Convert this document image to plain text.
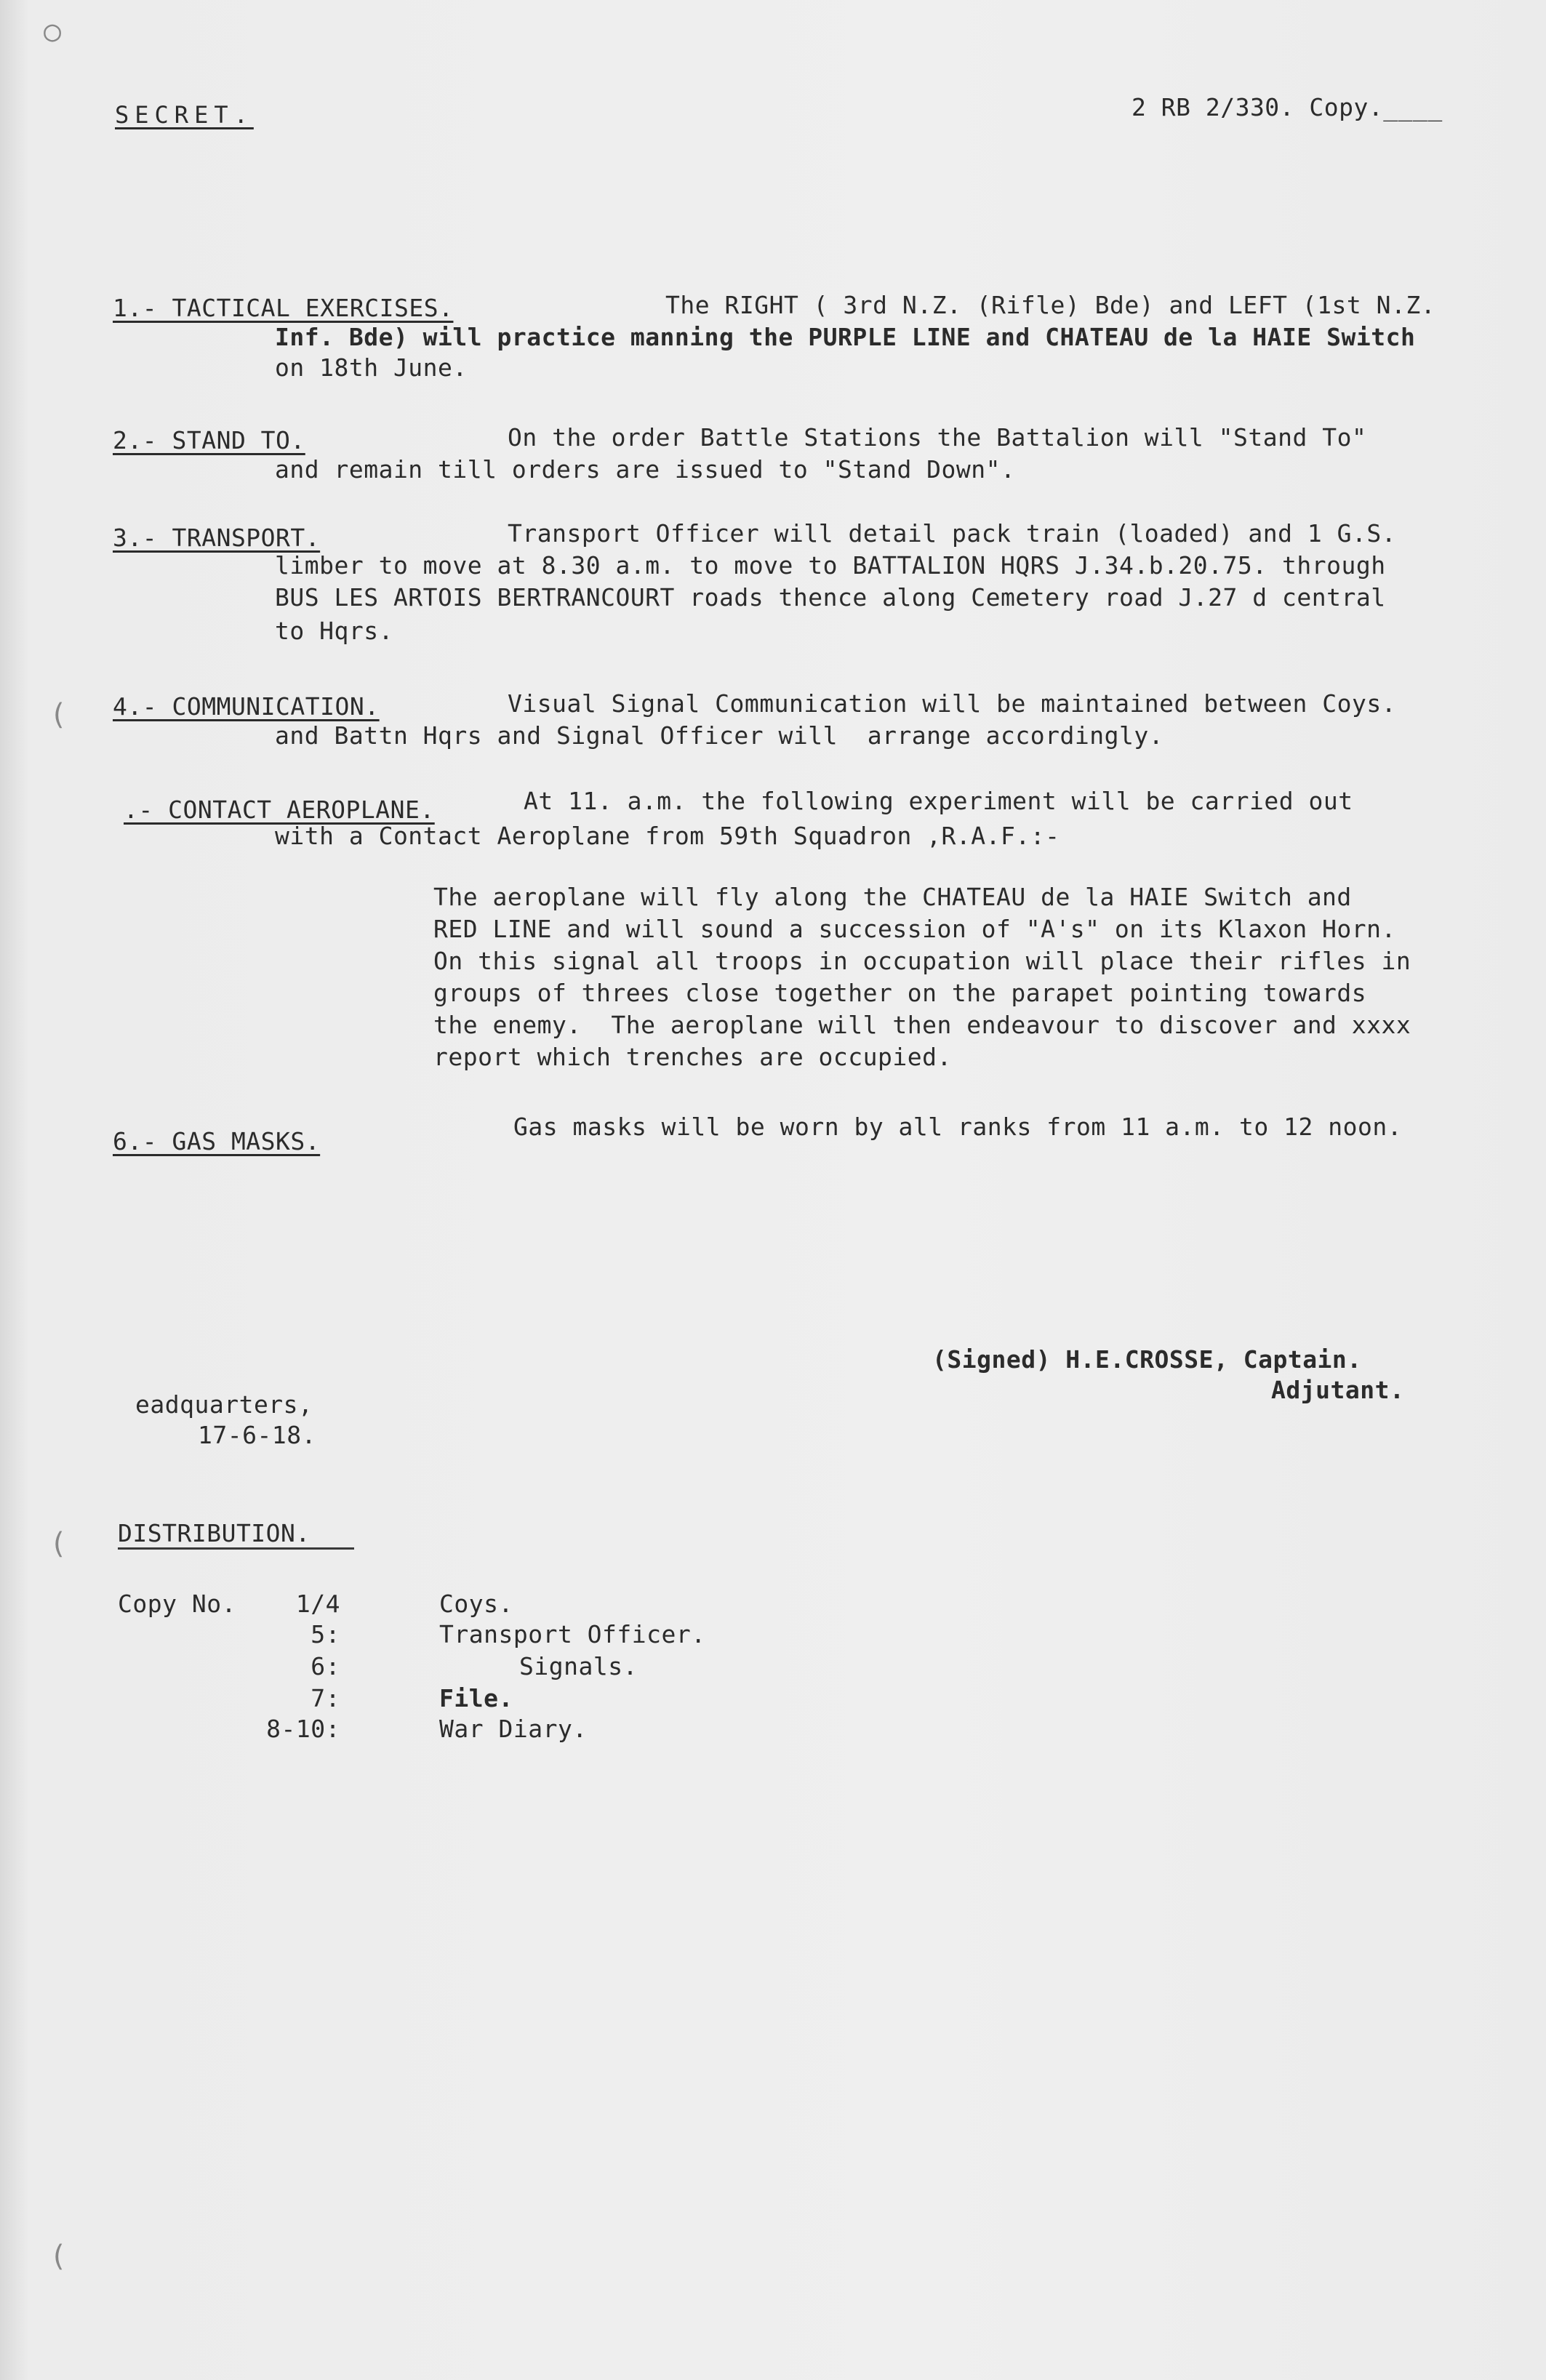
○
(
(
(
SECRET.	2 RB 2/330. Copy.____
1.- TACTICAL EXERCISES.	The RIGHT ( 3rd N.Z. (Rifle) Bde) and LEFT (1st N.Z.
Inf. Bde) will practice manning the PURPLE LINE and CHATEAU de la HAIE Switch
on 18th June.
2.- STAND TO.	On the order Battle Stations the Battalion will "Stand To"
and remain till orders are issued to "Stand Down".
3.- TRANSPORT.	Transport Officer will detail pack train (loaded) and 1 G.S.
limber to move at 8.30 a.m. to move to BATTALION HQRS J.34.b.20.75. through
BUS LES ARTOIS BERTRANCOURT roads thence along Cemetery road J.27 d central
to Hqrs.
4.- COMMUNICATION.	Visual Signal Communication will be maintained between Coys.
and Battn Hqrs and Signal Officer will  arrange accordingly.
.- CONTACT AEROPLANE.	At 11. a.m. the following experiment will be carried out
with a Contact Aeroplane from 59th Squadron ,R.A.F.:-
The aeroplane will fly along the CHATEAU de la HAIE Switch and
RED LINE and will sound a succession of "A's" on its Klaxon Horn.
On this signal all troops in occupation will place their rifles in
groups of threes close together on the parapet pointing towards
the enemy.  The aeroplane will then endeavour to discover and xxxx
report which trenches are occupied.
6.- GAS MASKS.
Gas masks will be worn by all ranks from 11 a.m. to 12 noon.
(Signed) H.E.CROSSE, Captain.
Adjutant.
eadquarters,
17-6-18.
DISTRIBUTION.
Copy No.	1/4	Coys.
5:	Transport Officer.
6:	Signals.
7:	File.
8-10:	War Diary.
